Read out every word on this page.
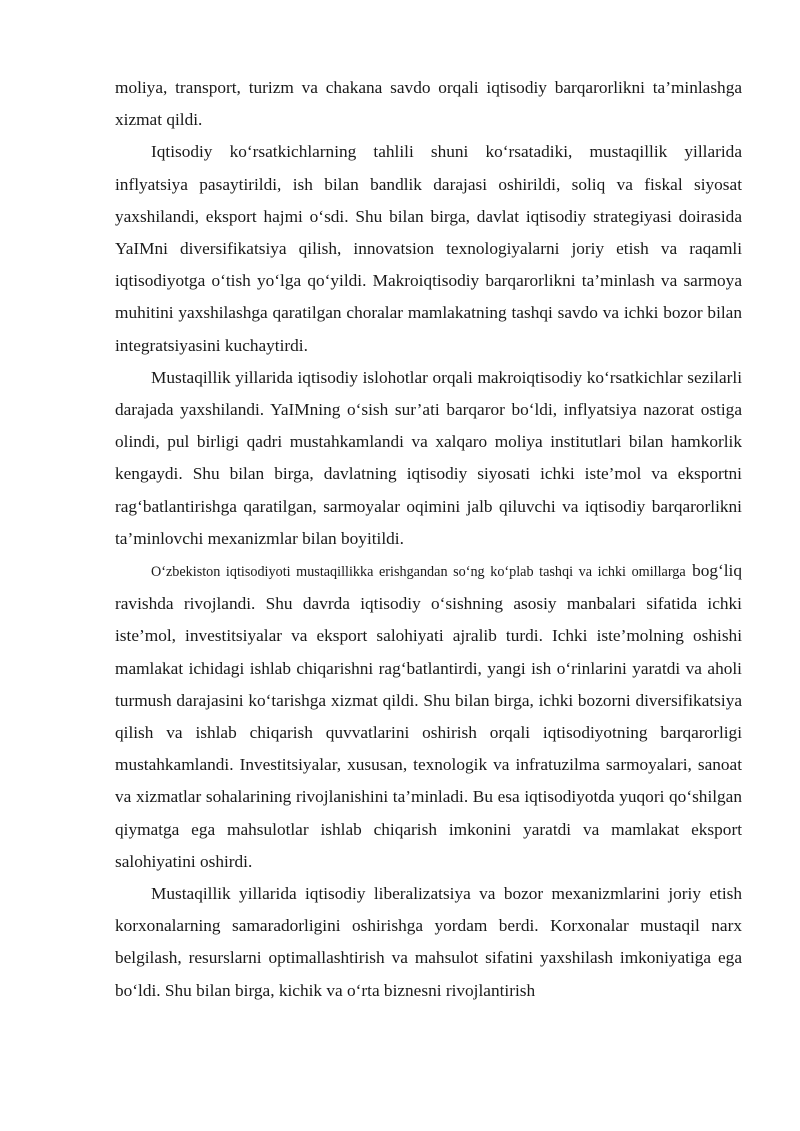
moliya, transport, turizm va chakana savdo orqali iqtisodiy barqarorlikni ta’minlashga xizmat qildi.

Iqtisodiy ko‘rsatkichlarning tahlili shuni ko‘rsatadiki, mustaqillik yillarida inflyatsiya pasaytirildi, ish bilan bandlik darajasi oshirildi, soliq va fiskal siyosat yaxshilandi, eksport hajmi o‘sdi. Shu bilan birga, davlat iqtisodiy strategiyasi doirasida YaIMni diversifikatsiya qilish, innovatsion texnologiyalarni joriy etish va raqamli iqtisodiyotga o‘tish yo‘lga qo‘yildi. Makroiqtisodiy barqarorlikni ta’minlash va sarmoya muhitini yaxshilashga qaratilgan choralar mamlakatning tashqi savdo va ichki bozor bilan integratsiyasini kuchaytirdi.

Mustaqillik yillarida iqtisodiy islohotlar orqali makroiqtisodiy ko‘rsatkichlar sezilarli darajada yaxshilandi. YaIMning o‘sish sur’ati barqaror bo‘ldi, inflyatsiya nazorat ostiga olindi, pul birligi qadri mustahkamlandi va xalqaro moliya institutlari bilan hamkorlik kengaydi. Shu bilan birga, davlatning iqtisodiy siyosati ichki iste’mol va eksportni rag‘batlantirishga qaratilgan, sarmoyalar oqimini jalb qiluvchi va iqtisodiy barqarorlikni ta’minlovchi mexanizmlar bilan boyitildi.

O‘zbekiston iqtisodiyoti mustaqillikka erishgandan so‘ng ko‘plab tashqi va ichki omillarga bog‘liq ravishda rivojlandi. Shu davrda iqtisodiy o‘sishning asosiy manbalari sifatida ichki iste’mol, investitsiyalar va eksport salohiyati ajralib turdi. Ichki iste’molning oshishi mamlakat ichidagi ishlab chiqarishni rag‘batlantirdi, yangi ish o‘rinlarini yaratdi va aholi turmush darajasini ko‘tarishga xizmat qildi. Shu bilan birga, ichki bozorni diversifikatsiya qilish va ishlab chiqarish quvvatlarini oshirish orqali iqtisodiyotning barqarorligi mustahkamlandi. Investitsiyalar, xususan, texnologik va infratuzilma sarmoyalari, sanoat va xizmatlar sohalarining rivojlanishini ta’minladi. Bu esa iqtisodiyotda yuqori qo‘shilgan qiymatga ega mahsulotlar ishlab chiqarish imkonini yaratdi va mamlakat eksport salohiyatini oshirdi.

Mustaqillik yillarida iqtisodiy liberalizatsiya va bozor mexanizmlarini joriy etish korxonalarning samaradorligini oshirishga yordam berdi. Korxonalar mustaqil narx belgilash, resurslarni optimallashtirish va mahsulot sifatini yaxshilash imkoniyatiga ega bo‘ldi. Shu bilan birga, kichik va o‘rta biznesni rivojlantirish
